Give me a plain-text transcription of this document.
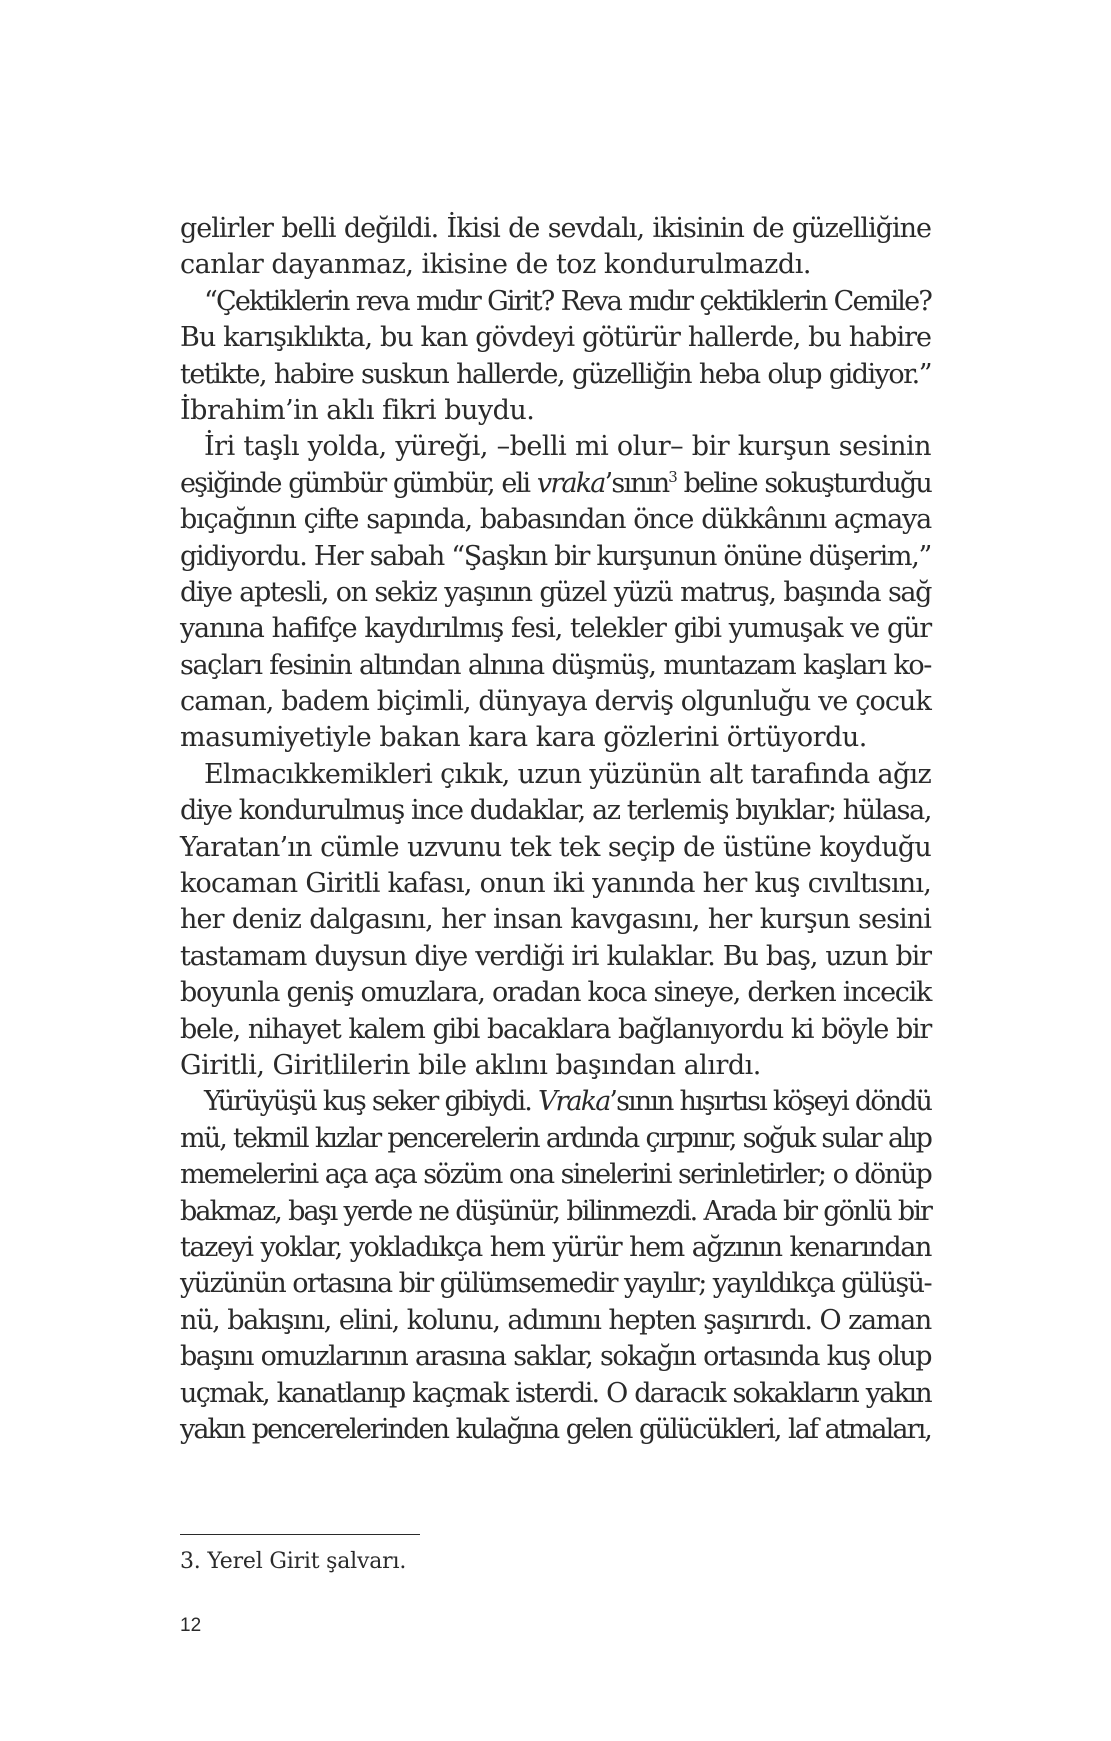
gelirler belli değildi. İkisi de sevdalı, ikisinin de güzelliğine
canlar dayanmaz, ikisine de toz kondurulmazdı.
“Çektiklerin reva mıdır Girit? Reva mıdır çektiklerin Cemile?
Bu karışıklıkta, bu kan gövdeyi götürür hallerde, bu habire
tetikte, habire suskun hallerde, güzelliğin heba olup gidiyor.”
İbrahim’in aklı fikri buydu.
İri taşlı yolda, yüreği, –belli mi olur– bir kurşun sesinin
eşiğinde gümbür gümbür, eli vraka’sının$^3$ beline sokuşturduğu
bıçağının çifte sapında, babasından önce dükkânını açmaya
gidiyordu. Her sabah “Şaşkın bir kurşunun önüne düşerim,”
diye aptesli, on sekiz yaşının güzel yüzü matruş, başında sağ
yanına hafifçe kaydırılmış fesi, telekler gibi yumuşak ve gür
saçları fesinin altından alnına düşmüş, muntazam kaşları ko-
caman, badem biçimli, dünyaya derviş olgunluğu ve çocuk
masumiyetiyle bakan kara kara gözlerini örtüyordu.
Elmacıkkemikleri çıkık, uzun yüzünün alt tarafında ağız
diye kondurulmuş ince dudaklar, az terlemiş bıyıklar; hülasa,
Yaratan’ın cümle uzvunu tek tek seçip de üstüne koyduğu
kocaman Giritli kafası, onun iki yanında her kuş cıvıltısını,
her deniz dalgasını, her insan kavgasını, her kurşun sesini
tastamam duysun diye verdiği iri kulaklar. Bu baş, uzun bir
boyunla geniş omuzlara, oradan koca sineye, derken incecik
bele, nihayet kalem gibi bacaklara bağlanıyordu ki böyle bir
Giritli, Giritlilerin bile aklını başından alırdı.
Yürüyüşü kuş seker gibiydi. Vraka’sının hışırtısı köşeyi döndü
mü, tekmil kızlar pencerelerin ardında çırpınır, soğuk sular alıp
memelerini aça aça sözüm ona sinelerini serinletirler; o dönüp
bakmaz, başı yerde ne düşünür, bilinmezdi. Arada bir gönlü bir
tazeyi yoklar, yokladıkça hem yürür hem ağzının kenarından
yüzünün ortasına bir gülümsemedir yayılır; yayıldıkça gülüşü-
nü, bakışını, elini, kolunu, adımını hepten şaşırırdı. O zaman
başını omuzlarının arasına saklar, sokağın ortasında kuş olup
uçmak, kanatlanıp kaçmak isterdi. O daracık sokakların yakın
yakın pencerelerinden kulağına gelen gülücükleri, laf atmaları,
3. Yerel Girit şalvarı.
12
